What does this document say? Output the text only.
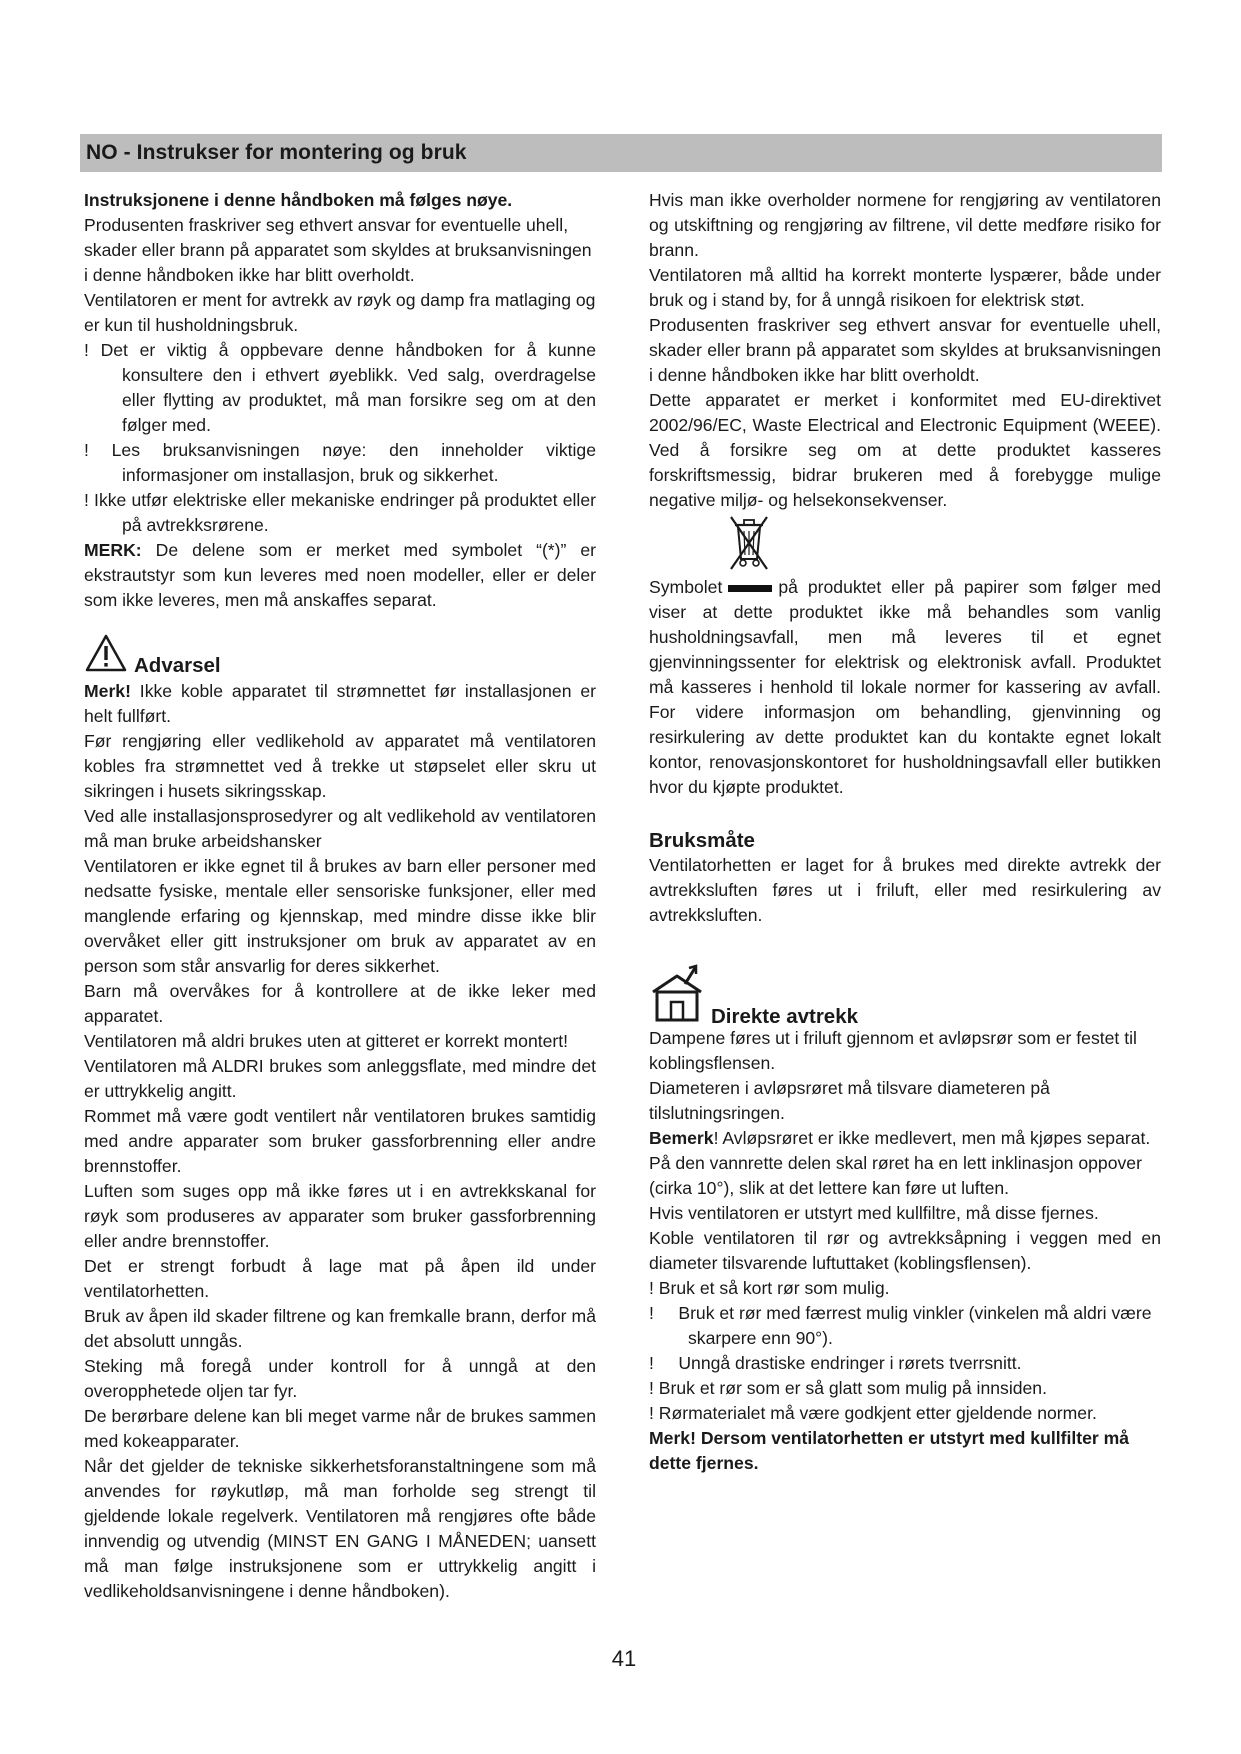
NO - Instrukser for montering og bruk

Instruksjonene i denne håndboken må følges nøye.

Produsenten fraskriver seg ethvert ansvar for eventuelle uhell, skader eller brann på apparatet som skyldes at bruksanvisningen i denne håndboken ikke har blitt overholdt.

Ventilatoren er ment for avtrekk av røyk og damp fra matlaging og er kun til husholdningsbruk.

! Det er viktig å oppbevare denne håndboken for å kunne konsultere den i ethvert øyeblikk. Ved salg, overdragelse eller flytting av produktet, må man forsikre seg om at den følger med.

! Les bruksanvisningen nøye: den inneholder viktige informasjoner om installasjon, bruk og sikkerhet.

! Ikke utfør elektriske eller mekaniske endringer på produktet eller på avtrekksrørene.

MERK: De delene som er merket med symbolet “(*)” er ekstrautstyr som kun leveres med noen modeller, eller er deler som ikke leveres, men må anskaffes separat.

Advarsel

Merk! Ikke koble apparatet til strømnettet før installasjonen er helt fullført.

Før rengjøring eller vedlikehold av apparatet må ventilatoren kobles fra strømnettet ved å trekke ut støpselet eller skru ut sikringen i husets sikringsskap.

Ved alle installasjonsprosedyrer og alt vedlikehold av ventilatoren må man bruke arbeidshansker

Ventilatoren er ikke egnet til å brukes av barn eller personer med nedsatte fysiske, mentale eller sensoriske funksjoner, eller med manglende erfaring og kjennskap, med mindre disse ikke blir overvåket eller gitt instruksjoner om bruk av apparatet av en person som står ansvarlig for deres sikkerhet.

Barn må overvåkes for å kontrollere at de ikke leker med apparatet.

Ventilatoren må aldri brukes uten at gitteret er korrekt montert!

Ventilatoren må ALDRI brukes som anleggsflate, med mindre det er uttrykkelig angitt.

Rommet må være godt ventilert når ventilatoren brukes samtidig med andre apparater som bruker gassforbrenning eller andre brennstoffer.

Luften som suges opp må ikke føres ut i en avtrekkskanal for røyk som produseres av apparater som bruker gassforbrenning eller andre brennstoffer.

Det er strengt forbudt å lage mat på åpen ild under ventilatorhetten.

Bruk av åpen ild skader filtrene og kan fremkalle brann, derfor må det absolutt unngås.

Steking må foregå under kontroll for å unngå at den overopphetede oljen tar fyr.

De berørbare delene kan bli meget varme når de brukes sammen med kokeapparater.

Når det gjelder de tekniske sikkerhetsforanstaltningene som må anvendes for røykutløp, må man forholde seg strengt til gjeldende lokale regelverk. Ventilatoren må rengjøres ofte både innvendig og utvendig (MINST EN GANG I MÅNEDEN; uansett må man følge instruksjonene som er uttrykkelig angitt i vedlikeholdsanvisningene i denne håndboken).

Hvis man ikke overholder normene for rengjøring av ventilatoren og utskiftning og rengjøring av filtrene, vil dette medføre risiko for brann.

Ventilatoren må alltid ha korrekt monterte lyspærer, både under bruk og i stand by, for å unngå risikoen for elektrisk støt.

Produsenten fraskriver seg ethvert ansvar for eventuelle uhell, skader eller brann på apparatet som skyldes at bruksanvisningen i denne håndboken ikke har blitt overholdt.

Dette apparatet er merket i konformitet med EU-direktivet 2002/96/EC, Waste Electrical and Electronic Equipment (WEEE). Ved å forsikre seg om at dette produktet kasseres forskriftsmessig, bidrar brukeren med å forebygge mulige negative miljø- og helsekonsekvenser.

Symbolet	på produktet eller på papirer som følger med viser at dette produktet ikke må behandles som vanlig husholdningsavfall, men må leveres til et egnet gjenvinningssenter for elektrisk og elektronisk avfall. Produktet må kasseres i henhold til lokale normer for kassering av avfall. For videre informasjon om behandling, gjenvinning og resirkulering av dette produktet kan du kontakte egnet lokalt kontor, renovasjonskontoret for husholdningsavfall eller butikken hvor du kjøpte produktet.

Bruksmåte

Ventilatorhetten er laget for å brukes med direkte avtrekk der avtrekksluften føres ut i friluft, eller med resirkulering av avtrekksluften.

Direkte avtrekk

Dampene føres ut i friluft gjennom et avløpsrør som er festet til koblingsflensen.

Diameteren i avløpsrøret må tilsvare diameteren på tilslutningsringen.

Bemerk! Avløpsrøret er ikke medlevert, men må kjøpes separat.

På den vannrette delen skal røret ha en lett inklinasjon oppover (cirka 10°), slik at det lettere kan føre ut luften.

Hvis ventilatoren er utstyrt med kullfiltre, må disse fjernes.

Koble ventilatoren til rør og avtrekksåpning i veggen med en diameter tilsvarende luftuttaket (koblingsflensen).

! Bruk et så kort rør som mulig.

!     Bruk et rør med færrest mulig vinkler (vinkelen må aldri være skarpere enn 90°).

!     Unngå drastiske endringer i rørets tverrsnitt.

! Bruk et rør som er så glatt som mulig på innsiden.

! Rørmaterialet må være godkjent etter gjeldende normer.

Merk! Dersom ventilatorhetten er utstyrt med kullfilter må dette fjernes.

41
